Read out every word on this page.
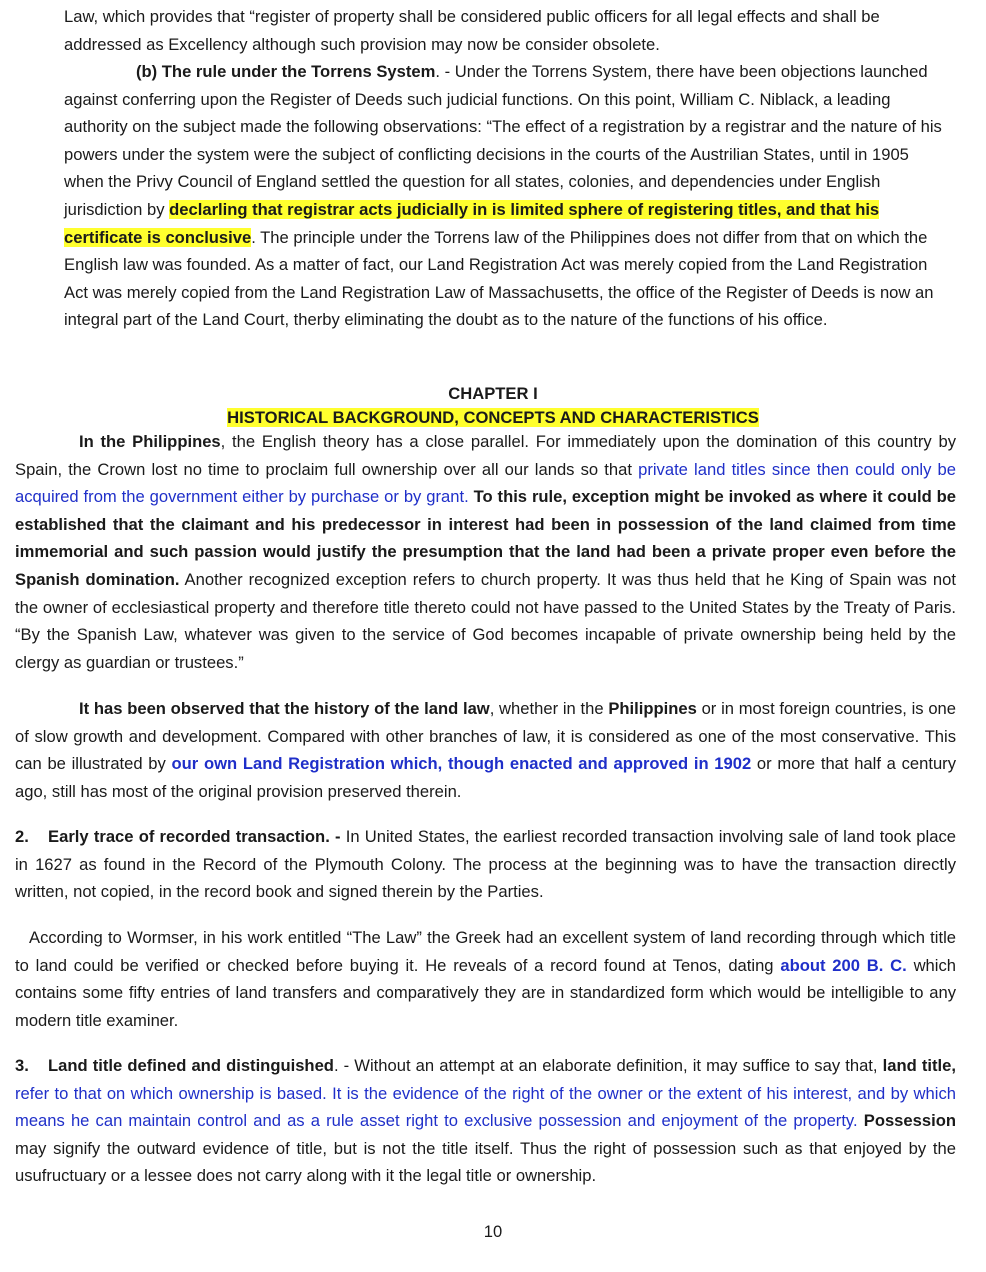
Law, which provides that “register of property shall be considered public officers for all legal effects and shall be addressed as Excellency although such provision may now be consider obsolete.

(b) The rule under the Torrens System. - Under the Torrens System, there have been objections launched against conferring upon the Register of Deeds such judicial functions. On this point, William C. Niblack, a leading authority on the subject made the following observations: “The effect of a registration by a registrar and the nature of his powers under the system were the subject of conflicting decisions in the courts of the Austrilian States, until in 1905 when the Privy Council of England settled the question for all states, colonies, and dependencies under English jurisdiction by declarling that registrar acts judicially in is limited sphere of registering titles, and that his certificate is conclusive. The principle under the Torrens law of the Philippines does not differ from that on which the English law was founded. As a matter of fact, our Land Registration Act was merely copied from the Land Registration Act was merely copied from the Land Registration Law of Massachusetts, the office of the Register of Deeds is now an integral part of the Land Court, therby eliminating the doubt as to the nature of the functions of his office.

CHAPTER I

HISTORICAL BACKGROUND, CONCEPTS AND CHARACTERISTICS

In the Philippines, the English theory has a close parallel. For immediately upon the domination of this country by Spain, the Crown lost no time to proclaim full ownership over all our lands so that private land titles since then could only be acquired from the government either by purchase or by grant. To this rule, exception might be invoked as where it could be established that the claimant and his predecessor in interest had been in possession of the land claimed from time immemorial and such passion would justify the presumption that the land had been a private proper even before the Spanish domination. Another recognized exception refers to church property. It was thus held that he King of Spain was not the owner of ecclesiastical property and therefore title thereto could not have passed to the United States by the Treaty of Paris. “By the Spanish Law, whatever was given to the service of God becomes incapable of private ownership being held by the clergy as guardian or trustees.”

It has been observed that the history of the land law, whether in the Philippines or in most foreign countries, is one of slow growth and development. Compared with other branches of law, it is considered as one of the most conservative. This can be illustrated by our own Land Registration which, though enacted and approved in 1902 or more that half a century ago, still has most of the original provision preserved therein.

2. Early trace of recorded transaction. - In United States, the earliest recorded transaction involving sale of land took place in 1627 as found in the Record of the Plymouth Colony. The process at the beginning was to have the transaction directly written, not copied, in the record book and signed therein by the Parties.

According to Wormser, in his work entitled “The Law” the Greek had an excellent system of land recording through which title to land could be verified or checked before buying it. He reveals of a record found at Tenos, dating about 200 B. C. which contains some fifty entries of land transfers and comparatively they are in standardized form which would be intelligible to any modern title examiner.

3. Land title defined and distinguished. - Without an attempt at an elaborate definition, it may suffice to say that, land title, refer to that on which ownership is based. It is the evidence of the right of the owner or the extent of his interest, and by which means he can maintain control and as a rule asset right to exclusive possession and enjoyment of the property. Possession may signify the outward evidence of title, but is not the title itself. Thus the right of possession such as that enjoyed by the usufructuary or a lessee does not carry along with it the legal title or ownership.

10
